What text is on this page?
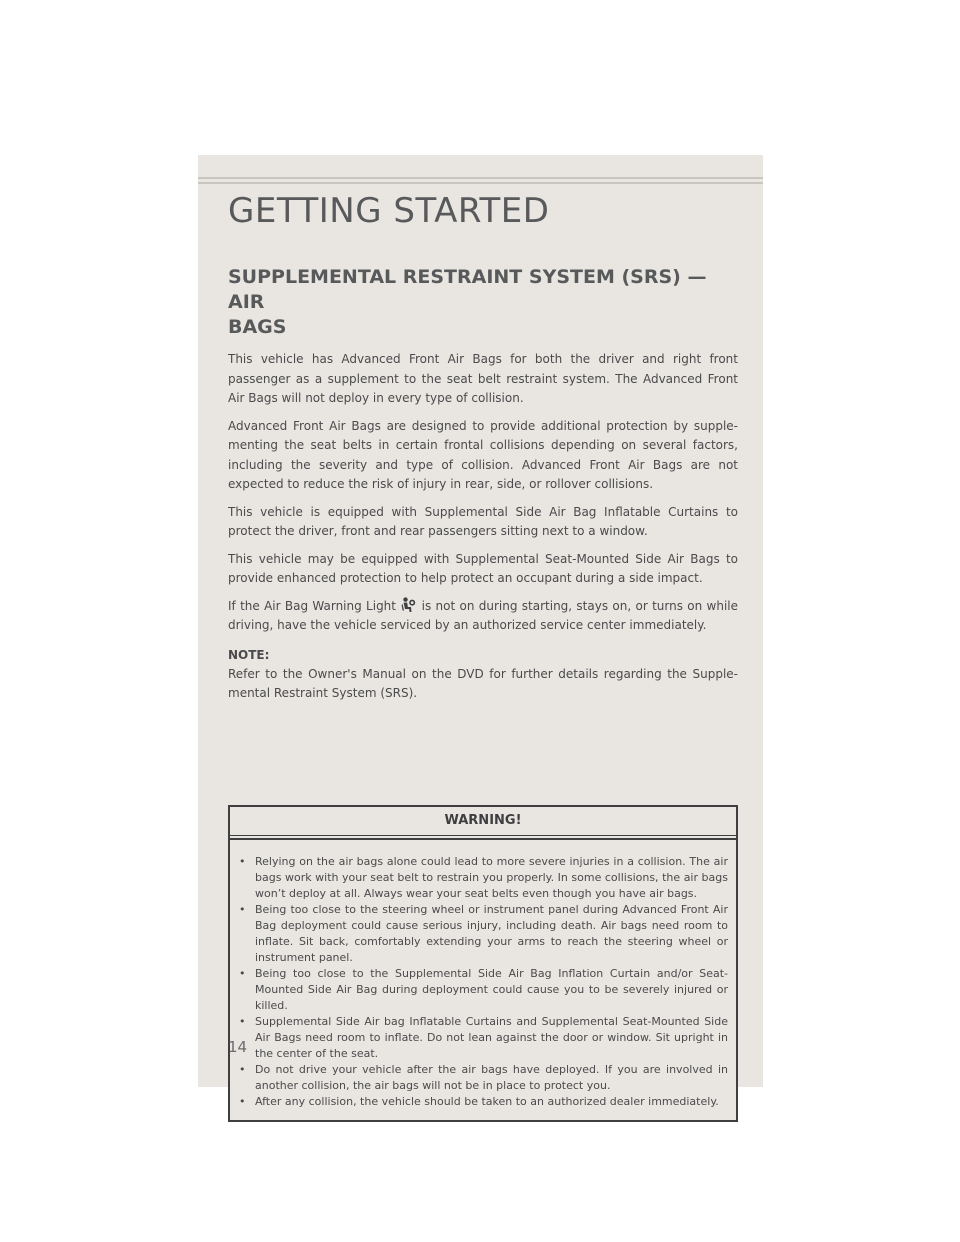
GETTING STARTED
SUPPLEMENTAL RESTRAINT SYSTEM (SRS) — AIR
BAGS

This vehicle has Advanced Front Air Bags for both the driver and right front passenger as a supplement to the seat belt restraint system. The Advanced Front Air Bags will not deploy in every type of collision.

Advanced Front Air Bags are designed to provide additional protection by supple-menting the seat belts in certain frontal collisions depending on several factors, including the severity and type of collision. Advanced Front Air Bags are not expected to reduce the risk of injury in rear, side, or rollover collisions.

This vehicle is equipped with Supplemental Side Air Bag Inflatable Curtains to protect the driver, front and rear passengers sitting next to a window.

This vehicle may be equipped with Supplemental Seat-Mounted Side Air Bags to provide enhanced protection to help protect an occupant during a side impact.

If the Air Bag Warning Light  is not on during starting, stays on, or turns on while driving, have the vehicle serviced by an authorized service center immediately.

NOTE:

Refer to the Owner's Manual on the DVD for further details regarding the Supple-mental Restraint System (SRS).

WARNING!
• Relying on the air bags alone could lead to more severe injuries in a collision. The air bags work with your seat belt to restrain you properly. In some collisions, the air bags won’t deploy at all. Always wear your seat belts even though you have air bags.
• Being too close to the steering wheel or instrument panel during Advanced Front Air Bag deployment could cause serious injury, including death. Air bags need room to inflate. Sit back, comfortably extending your arms to reach the steering wheel or instrument panel.
• Being too close to the Supplemental Side Air Bag Inflation Curtain and/or Seat-Mounted Side Air Bag during deployment could cause you to be severely injured or killed.
• Supplemental Side Air bag Inflatable Curtains and Supplemental Seat-Mounted Side Air Bags need room to inflate. Do not lean against the door or window. Sit upright in the center of the seat.
• Do not drive your vehicle after the air bags have deployed. If you are involved in another collision, the air bags will not be in place to protect you.
• After any collision, the vehicle should be taken to an authorized dealer immediately.
14
